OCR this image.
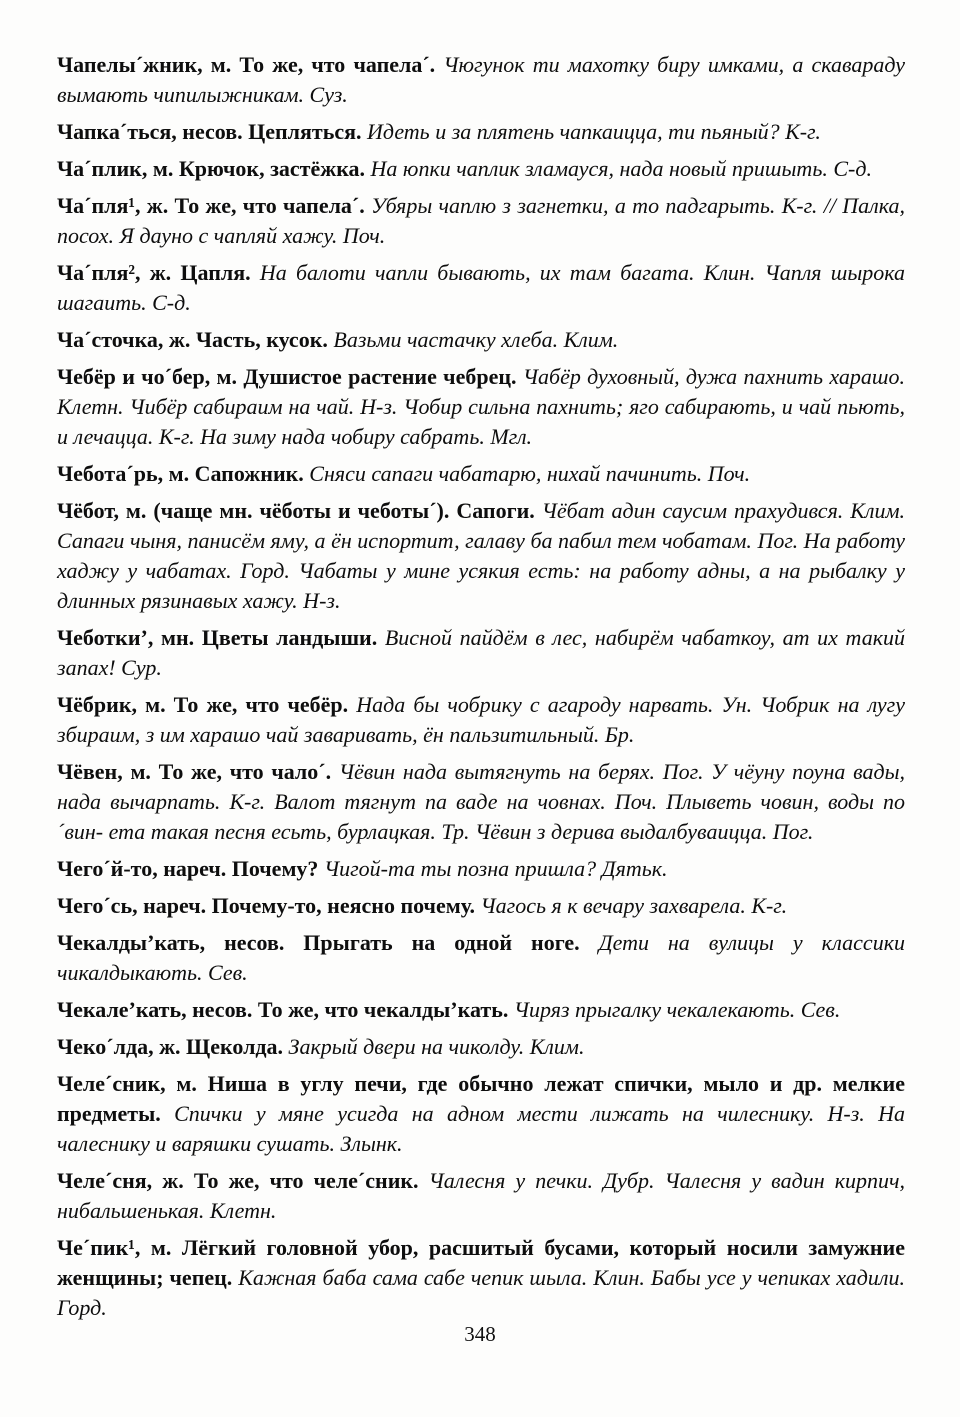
Чапелы´жник, м. То же, что чапела´. Чюгунок ти махотку биру имками, а скавараду вымають чипилыжникам. Суз.

Чапка´ться, несов. Цепляться. Идеть и за плятень чапкаицца, ти пьяный? К-г.

Ча´плик, м. Крючок, застёжка. На юпки чаплик зламауся, нада новый пришыть. С-д.

Ча´пля¹, ж. То же, что чапела´. Убяры чаплю з загнетки, а то падгарыть. К-г. // Палка, посох. Я дауно с чапляй хажу. Поч.

Ча´пля², ж. Цапля. На балоти чапли бывають, их там багата. Клин. Чапля шырока шагаить. С-д.

Ча´сточка, ж. Часть, кусок. Вазьми частачку хлеба. Клим.

Чебёр и чо´бер, м. Душистое растение чебрец. Чабёр духовный, дужа пахнить харашо. Клетн. Чибёр сабираим на чай. Н-з. Чобир сильна пахнить; яго сабирають, и чай пьють, и лечацца. К-г. На зиму нада чобиру сабрать. Мгл.

Чебота´рь, м. Сапожник. Сняси сапаги чабатарю, нихай пачинить. Поч.

Чёбот, м. (чаще мн. чёботы и чеботы´). Сапоги. Чёбат адин саусим прахудився. Клим. Сапаги чыня, панисём яму, а ён испортит, галаву ба пабил тем чобатам. Пог. На работу хаджу у чабатах. Горд. Чабаты у мине усякия есть: на работу адны, а на рыбалку у длинных рязинавых хажу. Н-з.

Чеботки’, мн. Цветы ландыши. Висной пайдём в лес, набирём чабаткоу, ат их такий запах! Сур.

Чёбрик, м. То же, что чебёр. Нада бы чобрику с агароду нарвать. Ун. Чобрик на лугу збираим, з им харашо чай заваривать, ён пальзитильный. Бр.

Чёвен, м. То же, что чало´. Чёвин нада вытягнуть на берях. Пог. У чёуну поуна вады, нада вычарпать. К-г. Валот тягнут па ваде на човнах. Поч. Плыветь човин, воды по´вин- ета такая песня есьть, бурлацкая. Тр. Чёвин з дерива выдалбуваицца. Пог.

Чего´й-то, нареч. Почему? Чигой-та ты позна пришла? Дятьк.

Чего´сь, нареч. Почему-то, неясно почему. Чагось я к вечару захварела. К-г.

Чекалды’кать, несов. Прыгать на одной ноге. Дети на вулицы у классики чикалдыкають. Сев.

Чекале’кать, несов. То же, что чекалды’кать. Чиряз прыгалку чекалекають. Сев.

Чеко´лда, ж. Щеколда. Закрый двери на чиколду. Клим.

Челе´сник, м. Ниша в углу печи, где обычно лежат спички, мыло и др. мелкие предметы. Спички у мяне усигда на адном мести лижать на чилеснику. Н-з. На чалеснику и варяшки сушать. Злынк.

Челе´сня, ж. То же, что челе´сник. Чалесня у печки. Дубр. Чалесня у вадин кирпич, нибальшенькая. Клетн.

Че´пик¹, м. Лёгкий головной убор, расшитый бусами, который носили замужние женщины; чепец. Кажная баба сама сабе чепик шыла. Клин. Бабы усе у чепиках хадили. Горд.

348
